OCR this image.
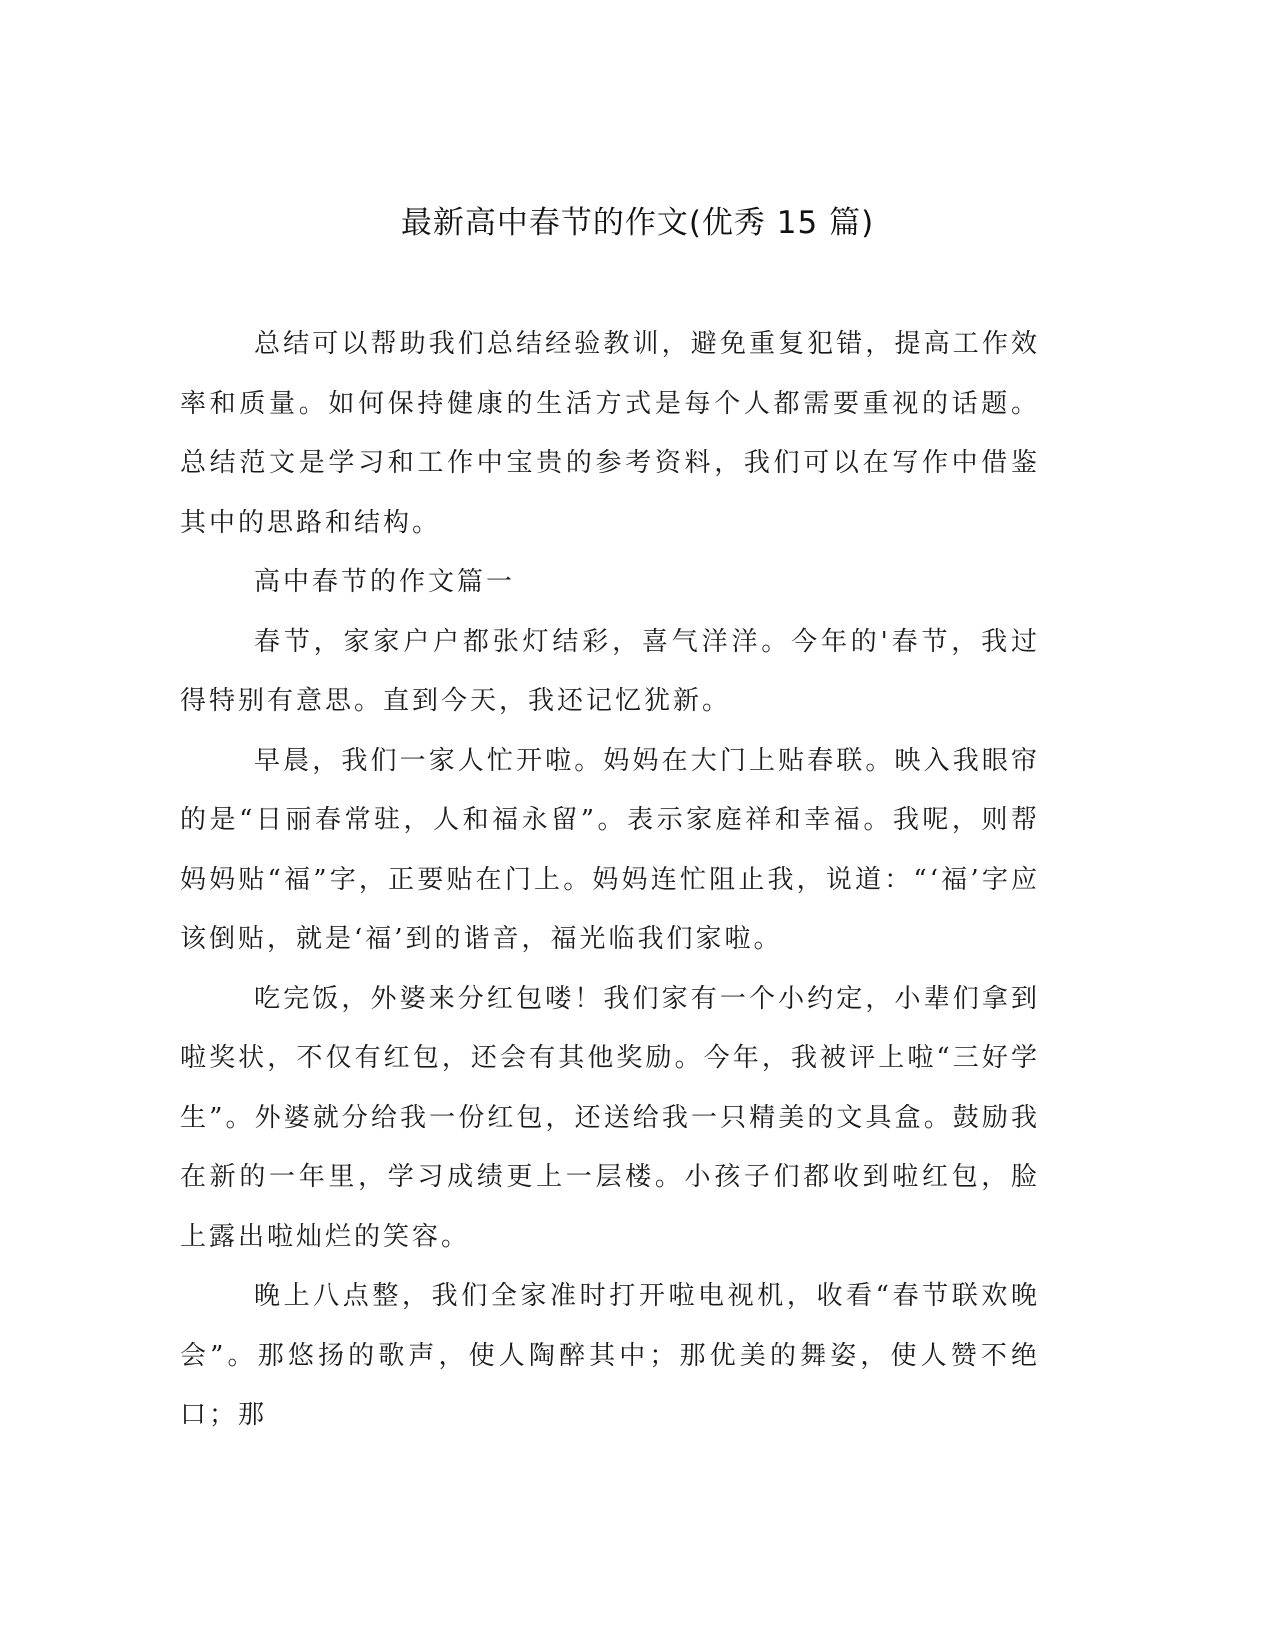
最新高中春节的作文(优秀 15 篇)

总结可以帮助我们总结经验教训，避免重复犯错，提高工作效率和质量。如何保持健康的生活方式是每个人都需要重视的话题。总结范文是学习和工作中宝贵的参考资料，我们可以在写作中借鉴其中的思路和结构。

高中春节的作文篇一

春节，家家户户都张灯结彩，喜气洋洋。今年的'春节，我过得特别有意思。直到今天，我还记忆犹新。

早晨，我们一家人忙开啦。妈妈在大门上贴春联。映入我眼帘的是“日丽春常驻，人和福永留”。表示家庭祥和幸福。我呢，则帮妈妈贴“福”字，正要贴在门上。妈妈连忙阻止我，说道：“‘福’字应该倒贴，就是‘福’到的谐音，福光临我们家啦。

吃完饭，外婆来分红包喽！我们家有一个小约定，小辈们拿到啦奖状，不仅有红包，还会有其他奖励。今年，我被评上啦“三好学生”。外婆就分给我一份红包，还送给我一只精美的文具盒。鼓励我在新的一年里，学习成绩更上一层楼。小孩子们都收到啦红包，脸上露出啦灿烂的笑容。

晚上八点整，我们全家准时打开啦电视机，收看“春节联欢晚会”。那悠扬的歌声，使人陶醉其中；那优美的舞姿，使人赞不绝口；那
